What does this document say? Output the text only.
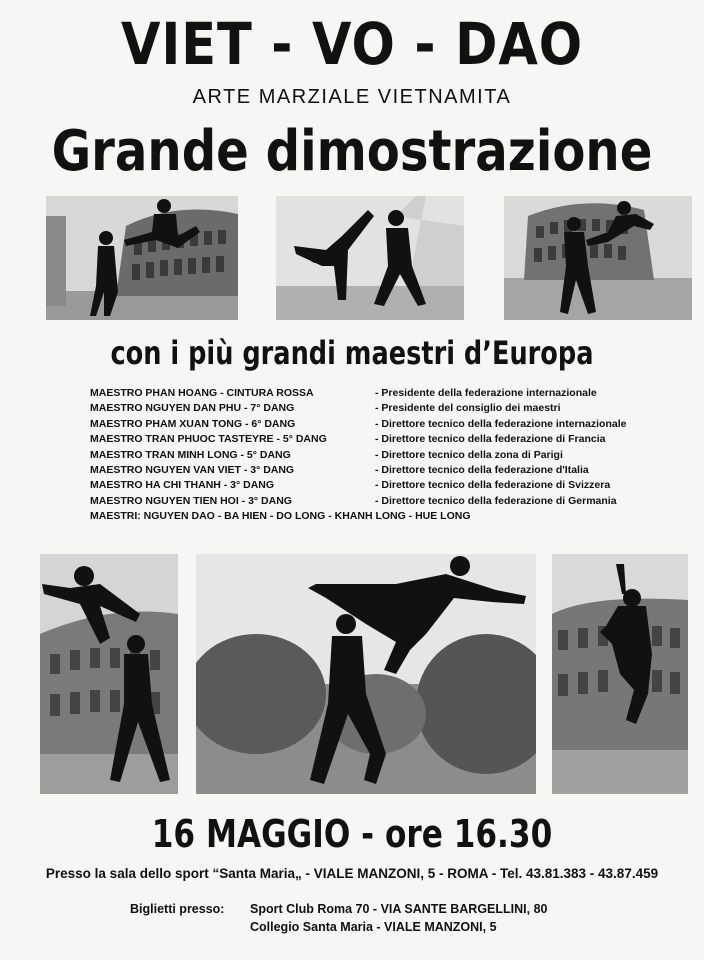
VIET - VO - DAO
ARTE MARZIALE VIETNAMITA
Grande dimostrazione
con i più grandi maestri d’Europa
MAESTRO PHAN HOANG - CINTURA ROSSA	- Presidente della federazione internazionale
MAESTRO NGUYEN DAN PHU - 7° DANG	- Presidente del consiglio dei maestri
MAESTRO PHAM XUAN TONG - 6° DANG	- Direttore tecnico della federazione internazionale
MAESTRO TRAN PHUOC TASTEYRE - 5° DANG	- Direttore tecnico della federazione di Francia
MAESTRO TRAN MINH LONG - 5° DANG	- Direttore tecnico della zona di Parigi
MAESTRO NGUYEN VAN VIET - 3° DANG	- Direttore tecnico della federazione d'Italia
MAESTRO HA CHI THANH - 3° DANG	- Direttore tecnico della federazione di Svizzera
MAESTRO NGUYEN TIEN HOI - 3° DANG	- Direttore tecnico della federazione di Germania
MAESTRI: NGUYEN DAO - BA HIEN - DO LONG - KHANH LONG - HUE LONG
16 MAGGIO - ore 16.30
Presso la sala dello sport “Santa Maria„ - VIALE MANZONI, 5 - ROMA - Tel. 43.81.383 - 43.87.459
Biglietti presso: Sport Club Roma 70 - VIA SANTE BARGELLINI, 80
Collegio Santa Maria - VIALE MANZONI, 5
